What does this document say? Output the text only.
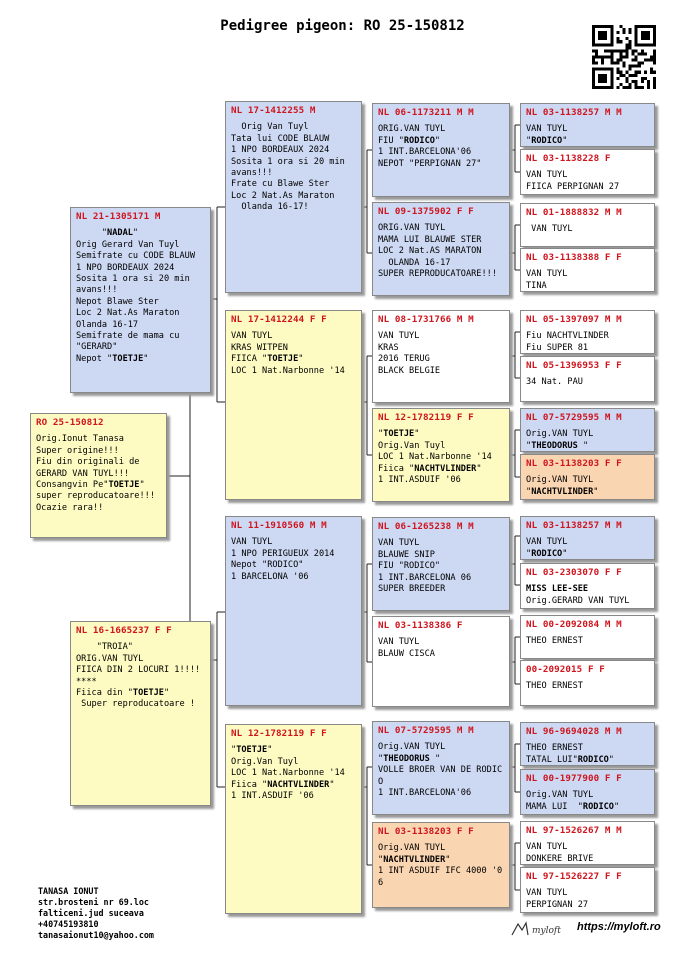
Pedigree pigeon: RO 25-150812
RO 25-150812
Orig.Ionut Tanasa
Super origine!!!
Fiu din originali de
GERARD VAN TUYL!!!
Consangvin Pe"TOETJE"
super reproducatoare!!!
Ocazie rara!!
NL 21-1305171 M
"NADAL"
Orig Gerard Van Tuyl
Semifrate cu CODE BLAUW
1 NPO BORDEAUX 2024
Sosita 1 ora si 20 min
avans!!!
Nepot Blawe Ster
Loc 2 Nat.As Maraton
Olanda 16-17
Semifrate de mama cu
"GERARD"
Nepot "TOETJE"
NL 16-1665237 F F
"TROIA"
ORIG.VAN TUYL
FIICA DIN 2 LOCURI 1!!!!
****
Fiica din "TOETJE"
Super reproducatoare !
NL 17-1412255 M
Orig Van Tuyl
Tata lui CODE BLAUW
1 NPO BORDEAUX 2024
Sosita 1 ora si 20 min
avans!!!
Frate cu Blawe Ster
Loc 2 Nat.As Maraton
Olanda 16-17!
NL 17-1412244 F F
VAN TUYL
KRAS WITPEN
FIICA "TOETJE"
LOC 1 Nat.Narbonne '14
NL 11-1910560 M M
VAN TUYL
1 NPO PERIGUEUX 2014
Nepot "RODICO"
1 BARCELONA '06
NL 12-1782119 F F
"TOETJE"
Orig.Van Tuyl
LOC 1 Nat.Narbonne '14
Fiica "NACHTVLINDER"
1 INT.ASDUIF '06
NL 06-1173211 M M
ORIG.VAN TUYL
FIU "RODICO"
1 INT.BARCELONA'06
NEPOT "PERPIGNAN 27"
NL 09-1375902 F F
ORIG.VAN TUYL
MAMA LUI BLAUWE STER
LOC 2 Nat.AS MARATON
OLANDA 16-17
SUPER REPRODUCATOARE!!!
NL 08-1731766 M M
VAN TUYL
KRAS
2016 TERUG
BLACK BELGIE
NL 12-1782119 F F
"TOETJE"
Orig.Van Tuyl
LOC 1 Nat.Narbonne '14
Fiica "NACHTVLINDER"
1 INT.ASDUIF '06
NL 06-1265238 M M
VAN TUYL
BLAUWE SNIP
FIU "RODICO"
1 INT.BARCELONA 06
SUPER BREEDER
NL 03-1138386 F
VAN TUYL
BLAUW CISCA
NL 07-5729595 M M
Orig.VAN TUYL
"THEODORUS "
VOLLE BROER VAN DE RODIC
O
1 INT.BARCELONA'06
NL 03-1138203 F F
Orig.VAN TUYL
"NACHTVLINDER"
1 INT ASDUIF IFC 4000 '0
6
NL 03-1138257 M M
VAN TUYL
"RODICO"
NL 03-1138228 F
VAN TUYL
FIICA PERPIGNAN 27
NL 01-1888832 M M
VAN TUYL
NL 03-1138388 F F
VAN TUYL
TINA
NL 05-1397097 M M
Fiu NACHTVLINDER
Fiu SUPER 81
NL 05-1396953 F F
34 Nat. PAU
NL 07-5729595 M M
Orig.VAN TUYL
"THEODORUS "
NL 03-1138203 F F
Orig.VAN TUYL
"NACHTVLINDER"
NL 03-1138257 M M
VAN TUYL
"RODICO"
NL 03-2303070 F F
MISS LEE-SEE
Orig.GERARD VAN TUYL
NL 00-2092084 M M
THEO ERNEST
00-2092015 F F
THEO ERNEST
NL 96-9694028 M M
THEO ERNEST
TATAL LUI"RODICO"
NL 00-1977900 F F
Orig.VAN TUYL
MAMA LUI  "RODICO"
NL 97-1526267 M M
VAN TUYL
DONKERE BRIVE
NL 97-1526227 F F
VAN TUYL
PERPIGNAN 27
TANASA IONUT
str.brosteni nr 69.loc
falticeni.jud suceava
+40745193810
tanasaionut10@yahoo.com	myloft https://myloft.ro
